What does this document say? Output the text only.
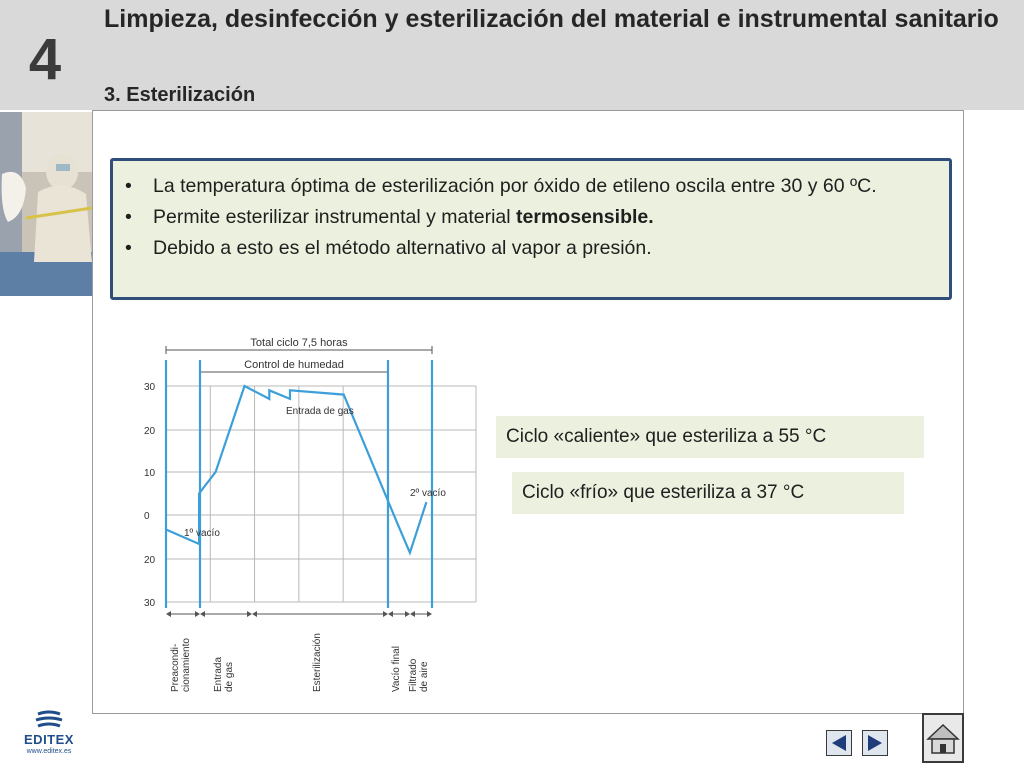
4
Limpieza, desinfección y esterilización del material e instrumental sanitario
3. Esterilización
• La temperatura óptima de esterilización por óxido de etileno oscila entre 30 y 60 ºC.
• Permite esterilizar instrumental y material termosensible.
• Debido a esto es el método alternativo al vapor a presión.
Total ciclo 7,5 horas
Control de humedad
30
20
10
0
20
30
1º vacío
Entrada de gas
2º vacío
Preacondi-cionamiento Entradade gas	Esterilización	Vacío final Filtradode aire
Ciclo «caliente» que esteriliza a 55 °C
Ciclo «frío» que esteriliza a 37 °C
EDITEX
www.editex.es
